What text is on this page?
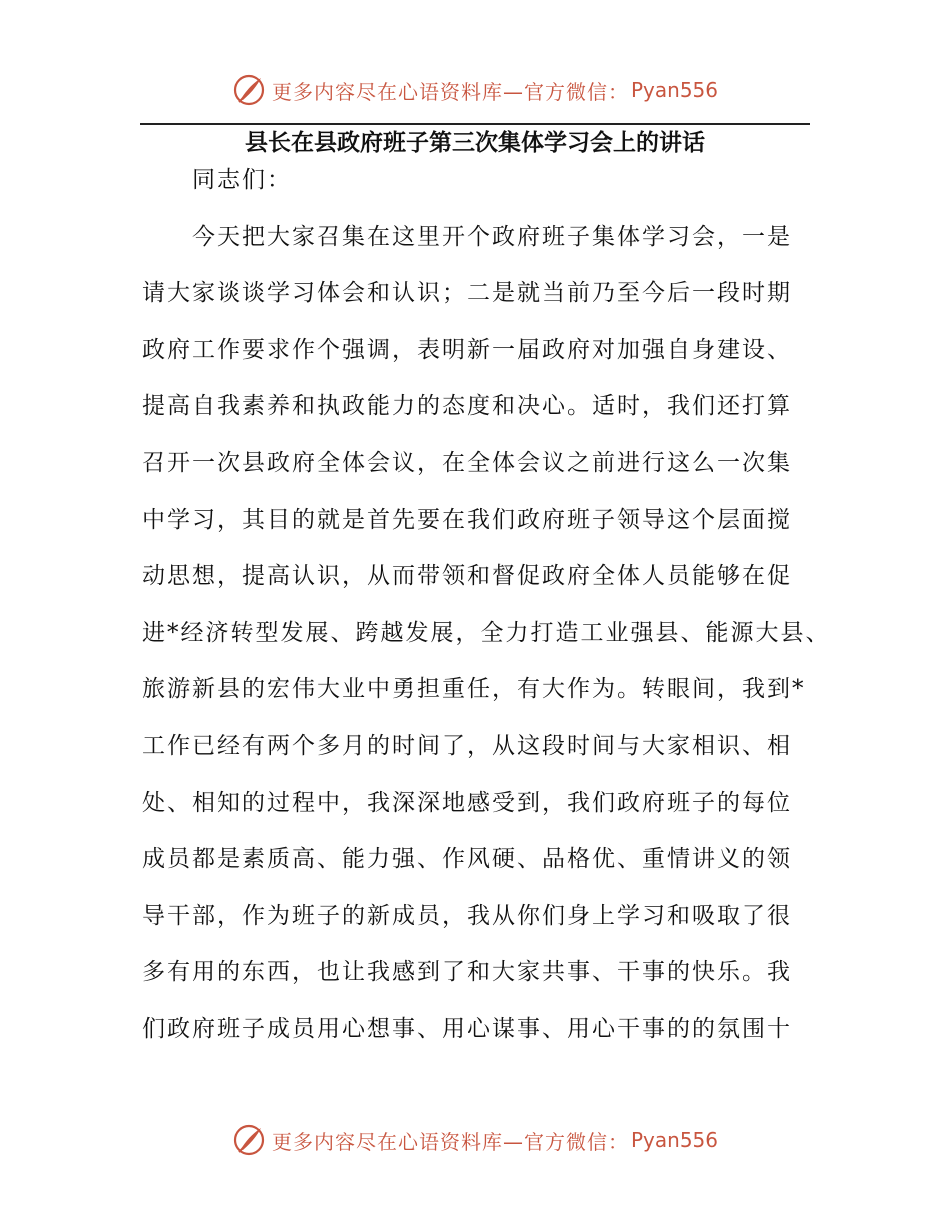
更多内容尽在心语资料库—官方微信： Pyan556
县长在县政府班子第三次集体学习会上的讲话
同志们：
今天把大家召集在这里开个政府班子集体学习会，一是
请大家谈谈学习体会和认识；二是就当前乃至今后一段时期
政府工作要求作个强调，表明新一届政府对加强自身建设、
提高自我素养和执政能力的态度和决心。适时，我们还打算
召开一次县政府全体会议，在全体会议之前进行这么一次集
中学习，其目的就是首先要在我们政府班子领导这个层面搅
动思想，提高认识，从而带领和督促政府全体人员能够在促
进*经济转型发展、跨越发展，全力打造工业强县、能源大县、
旅游新县的宏伟大业中勇担重任，有大作为。转眼间，我到*
工作已经有两个多月的时间了，从这段时间与大家相识、相
处、相知的过程中，我深深地感受到，我们政府班子的每位
成员都是素质高、能力强、作风硬、品格优、重情讲义的领
导干部，作为班子的新成员，我从你们身上学习和吸取了很
多有用的东西，也让我感到了和大家共事、干事的快乐。我
们政府班子成员用心想事、用心谋事、用心干事的的氛围十
更多内容尽在心语资料库—官方微信： Pyan556
